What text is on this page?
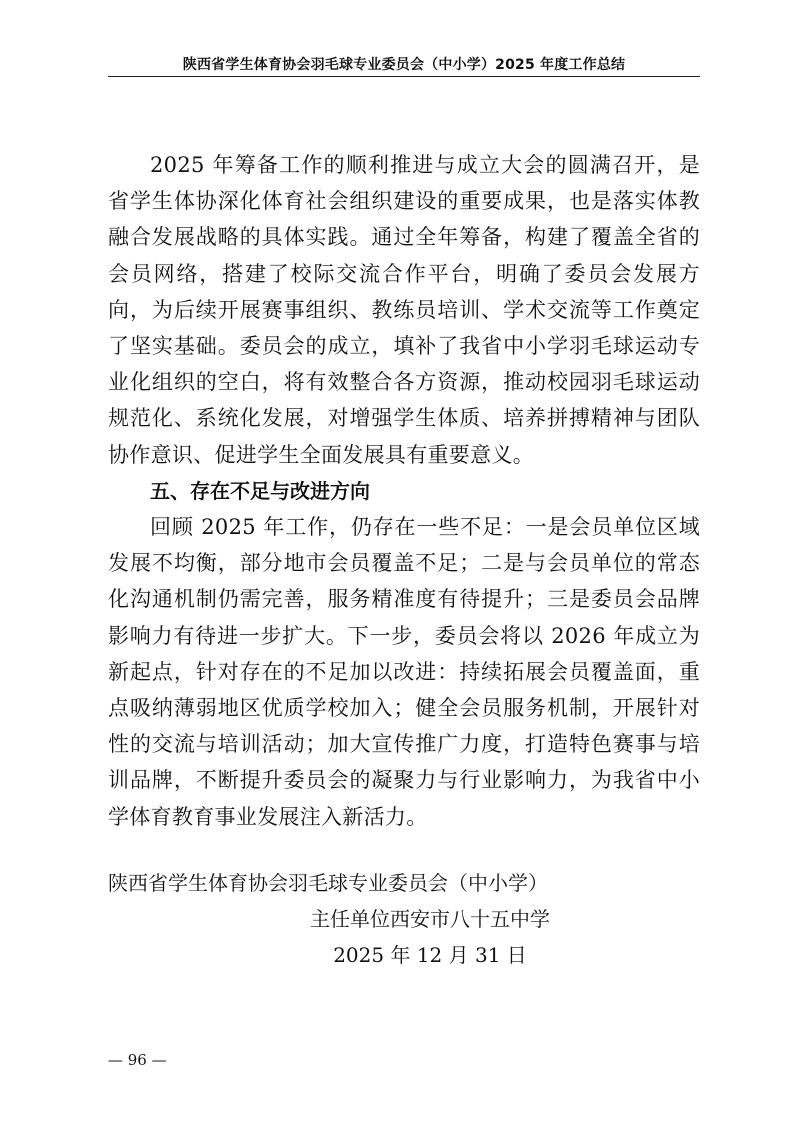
陕西省学生体育协会羽毛球专业委员会（中小学）2025 年度工作总结

2025 年筹备工作的顺利推进与成立大会的圆满召开，是省学生体协深化体育社会组织建设的重要成果，也是落实体教融合发展战略的具体实践。通过全年筹备，构建了覆盖全省的会员网络，搭建了校际交流合作平台，明确了委员会发展方向，为后续开展赛事组织、教练员培训、学术交流等工作奠定了坚实基础。委员会的成立，填补了我省中小学羽毛球运动专业化组织的空白，将有效整合各方资源，推动校园羽毛球运动规范化、系统化发展，对增强学生体质、培养拼搏精神与团队协作意识、促进学生全面发展具有重要意义。

五、存在不足与改进方向

回顾 2025 年工作，仍存在一些不足：一是会员单位区域发展不均衡，部分地市会员覆盖不足；二是与会员单位的常态化沟通机制仍需完善，服务精准度有待提升；三是委员会品牌影响力有待进一步扩大。下一步，委员会将以 2026 年成立为新起点，针对存在的不足加以改进：持续拓展会员覆盖面，重点吸纳薄弱地区优质学校加入；健全会员服务机制，开展针对性的交流与培训活动；加大宣传推广力度，打造特色赛事与培训品牌，不断提升委员会的凝聚力与行业影响力，为我省中小学体育教育事业发展注入新活力。

陕西省学生体育协会羽毛球专业委员会（中小学）
主任单位西安市八十五中学
2025 年 12 月 31 日
— 96 —
